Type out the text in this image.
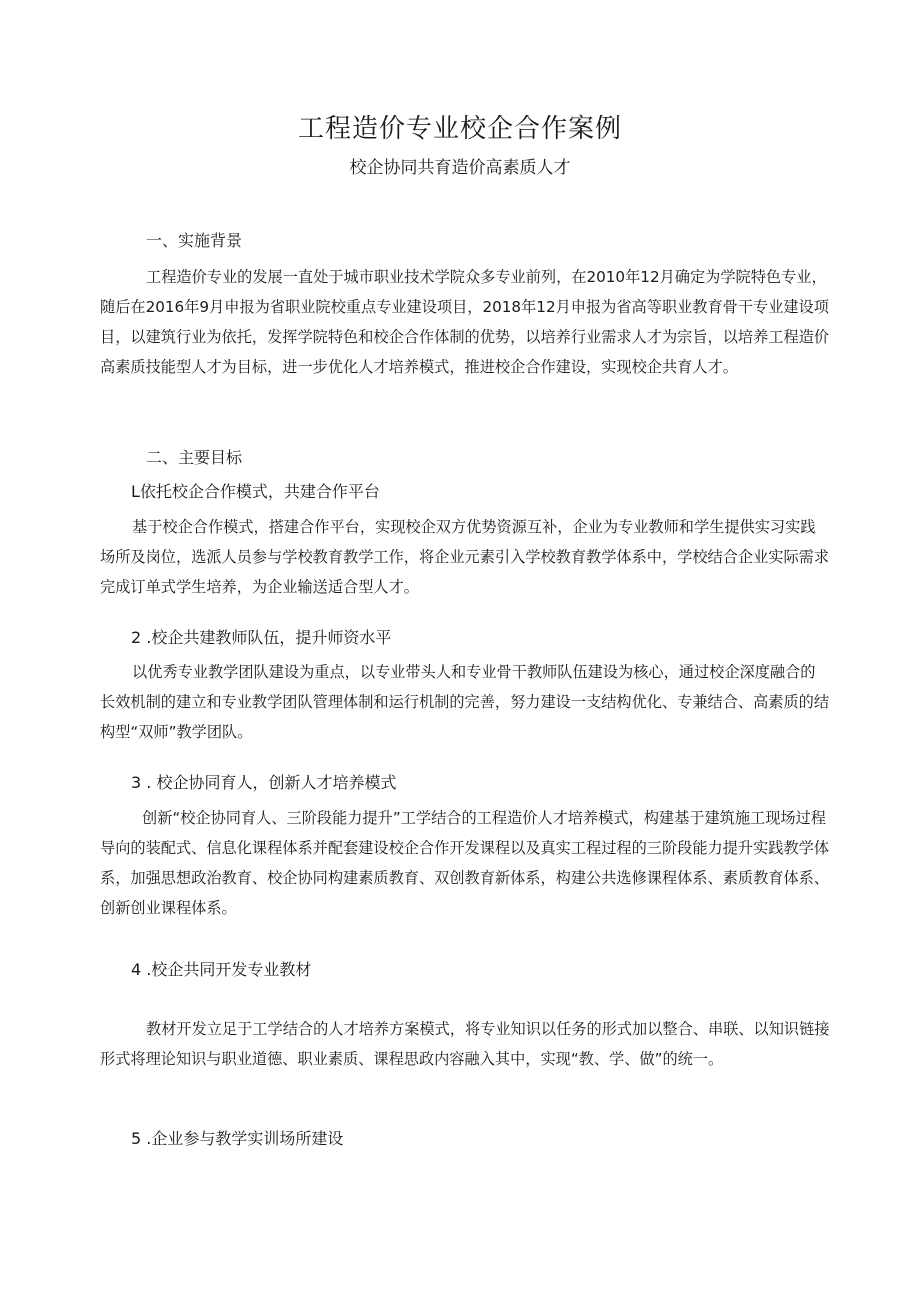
工程造价专业校企合作案例
校企协同共育造价高素质人才
一、实施背景

工程造价专业的发展一直处于城市职业技术学院众多专业前列，在2010年12月确定为学院特色专业，随后在2016年9月申报为省职业院校重点专业建设项目，2018年12月申报为省高等职业教育骨干专业建设项目，以建筑行业为依托，发挥学院特色和校企合作体制的优势，以培养行业需求人才为宗旨，以培养工程造价高素质技能型人才为目标，进一步优化人才培养模式，推进校企合作建设，实现校企共育人才。

二、主要目标
L依托校企合作模式，共建合作平台

基于校企合作模式，搭建合作平台，实现校企双方优势资源互补，企业为专业教师和学生提供实习实践场所及岗位，选派人员参与学校教育教学工作，将企业元素引入学校教育教学体系中，学校结合企业实际需求完成订单式学生培养，为企业输送适合型人才。

2 .校企共建教师队伍，提升师资水平

以优秀专业教学团队建设为重点，以专业带头人和专业骨干教师队伍建设为核心，通过校企深度融合的长效机制的建立和专业教学团队管理体制和运行机制的完善，努力建设一支结构优化、专兼结合、高素质的结构型“双师”教学团队。

3 . 校企协同育人，创新人才培养模式

创新“校企协同育人、三阶段能力提升”工学结合的工程造价人才培养模式，构建基于建筑施工现场过程导向的装配式、信息化课程体系并配套建设校企合作开发课程以及真实工程过程的三阶段能力提升实践教学体系，加强思想政治教育、校企协同构建素质教育、双创教育新体系，构建公共选修课程体系、素质教育体系、创新创业课程体系。

4 .校企共同开发专业教材

教材开发立足于工学结合的人才培养方案模式，将专业知识以任务的形式加以整合、串联、以知识链接形式将理论知识与职业道德、职业素质、课程思政内容融入其中，实现“教、学、做”的统一。

5 .企业参与教学实训场所建设
